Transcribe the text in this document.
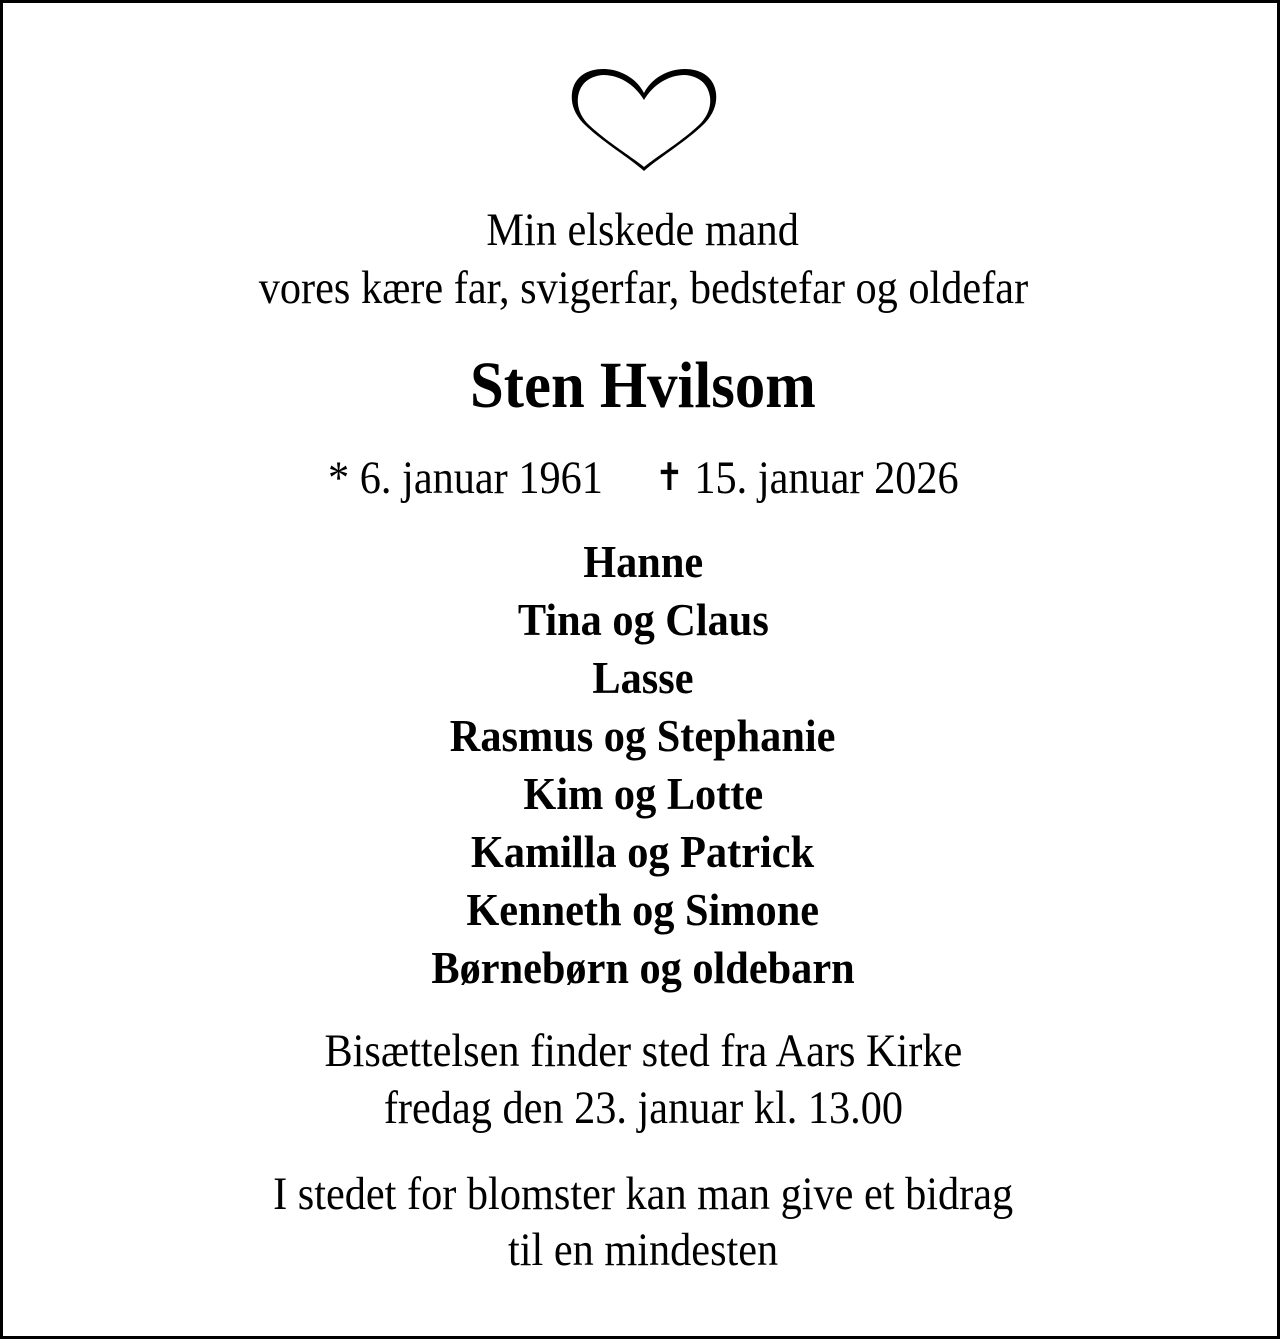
Min elskede mand
vores kære far, svigerfar, bedstefar og oldefar
Sten Hvilsom
* 6. januar 1961 ✝ 15. januar 2026
Hanne
Tina og Claus
Lasse
Rasmus og Stephanie
Kim og Lotte
Kamilla og Patrick
Kenneth og Simone
Børnebørn og oldebarn
Bisættelsen finder sted fra Aars Kirke
fredag den 23. januar kl. 13.00
I stedet for blomster kan man give et bidrag
til en mindesten
